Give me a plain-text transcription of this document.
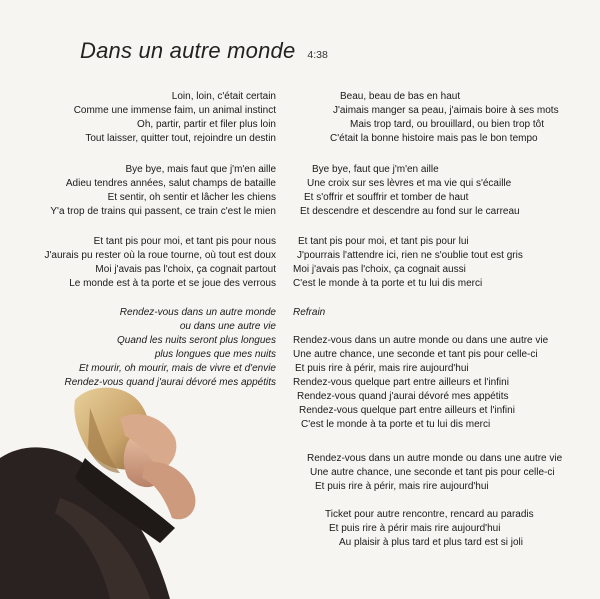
Dans un autre monde 4:38
Loin, loin, c'était certain
Comme une immense faim, un animal instinct
Oh, partir, partir et filer plus loin
Tout laisser, quitter tout, rejoindre un destin
Bye bye, mais faut que j'm'en aille
Adieu tendres années, salut champs de bataille
Et sentir, oh sentir et lâcher les chiens
Y'a trop de trains qui passent, ce train c'est le mien
Et tant pis pour moi, et tant pis pour nous
J'aurais pu rester où la roue tourne, où tout est doux
Moi j'avais pas l'choix, ça cognait partout
Le monde est à ta porte et se joue des verrous
Rendez-vous dans un autre monde
ou dans une autre vie
Quand les nuits seront plus longues
plus longues que mes nuits
Et mourir, oh mourir, mais de vivre et d'envie
Rendez-vous quand j'aurai dévoré mes appétits
Beau, beau de bas en haut
J'aimais manger sa peau, j'aimais boire à ses mots
Mais trop tard, ou brouillard, ou bien trop tôt
C'était la bonne histoire mais pas le bon tempo
Bye bye, faut que j'm'en aille
Une croix sur ses lèvres et ma vie qui s'écaille
Et s'offrir et souffrir et tomber de haut
Et descendre et descendre au fond sur le carreau
Et tant pis pour moi, et tant pis pour lui
J'pourrais l'attendre ici, rien ne s'oublie tout est gris
Moi j'avais pas l'choix, ça cognait aussi
C'est le monde à ta porte et tu lui dis merci
Refrain
Rendez-vous dans un autre monde ou dans une autre vie
Une autre chance, une seconde et tant pis pour celle-ci
Et puis rire à périr, mais rire aujourd'hui
Rendez-vous quelque part entre ailleurs et l'infini
Rendez-vous quand j'aurai dévoré mes appétits
Rendez-vous quelque part entre ailleurs et l'infini
C'est le monde à ta porte et tu lui dis merci
Rendez-vous dans un autre monde ou dans une autre vie
Une autre chance, une seconde et tant pis pour celle-ci
Et puis rire à périr, mais rire aujourd'hui
Ticket pour autre rencontre, rencard au paradis
Et puis rire à périr mais rire aujourd'hui
Au plaisir à plus tard et plus tard est si joli
